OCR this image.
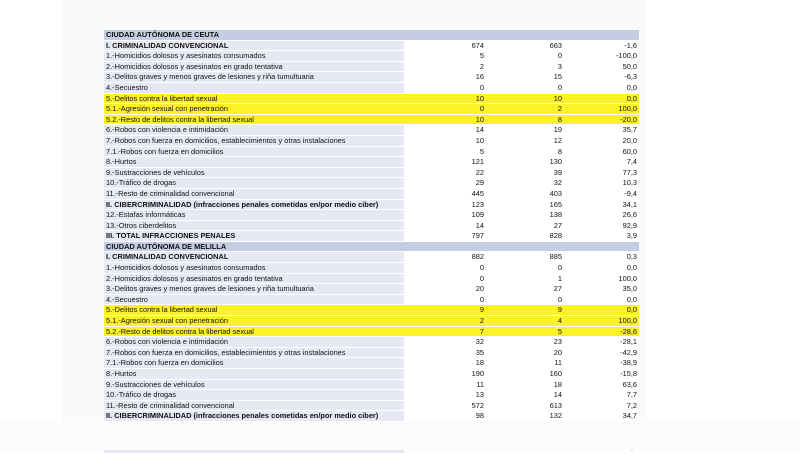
CIUDAD AUTÓNOMA DE CEUTA			
I. CRIMINALIDAD CONVENCIONAL	674	663	-1,6
1.-Homicidios dolosos y asesinatos consumados	5	0	-100,0
2.-Homicidios dolosos y asesinatos en grado tentativa	2	3	50,0
3.-Delitos graves y menos graves de lesiones y riña tumultuaria	16	15	-6,3
4.-Secuestro	0	0	0,0
5.-Delitos contra la libertad sexual	10	10	0,0
5.1.-Agresión sexual con penetración	0	2	100,0
5.2.-Resto de delitos contra la libertad sexual	10	8	-20,0
6.-Robos con violencia e intimidación	14	19	35,7
7.-Robos con fuerza en domicilios, establecimientos y otras instalaciones	10	12	20,0
7.1.-Robos con fuerza en domicilios	5	8	60,0
8.-Hurtos	121	130	7,4
9.-Sustracciones de vehículos	22	39	77,3
10.-Tráfico de drogas	29	32	10,3
11.-Resto de criminalidad convencional	445	403	-9,4
II. CIBERCRIMINALIDAD (infracciones penales cometidas en/por medio ciber)	123	165	34,1
12.-Estafas informáticas	109	138	26,6
13.-Otros ciberdelitos	14	27	92,9
III. TOTAL INFRACCIONES PENALES	797	828	3,9
CIUDAD AUTÓNOMA DE MELILLA			
I. CRIMINALIDAD CONVENCIONAL	882	885	0,3
1.-Homicidios dolosos y asesinatos consumados	0	0	0,0
2.-Homicidios dolosos y asesinatos en grado tentativa	0	1	100,0
3.-Delitos graves y menos graves de lesiones y riña tumultuaria	20	27	35,0
4.-Secuestro	0	0	0,0
5.-Delitos contra la libertad sexual	9	9	0,0
5.1.-Agresión sexual con penetración	2	4	100,0
5.2.-Resto de delitos contra la libertad sexual	7	5	-28,6
6.-Robos con violencia e intimidación	32	23	-28,1
7.-Robos con fuerza en domicilios, establecimientos y otras instalaciones	35	20	-42,9
7.1.-Robos con fuerza en domicilios	18	11	-38,9
8.-Hurtos	190	160	-15,8
9.-Sustracciones de vehículos	11	18	63,6
10.-Tráfico de drogas	13	14	7,7
11.-Resto de criminalidad convencional	572	613	7,2
II. CIBERCRIMINALIDAD (infracciones penales cometidas en/por medio ciber)	98	132	34,7
